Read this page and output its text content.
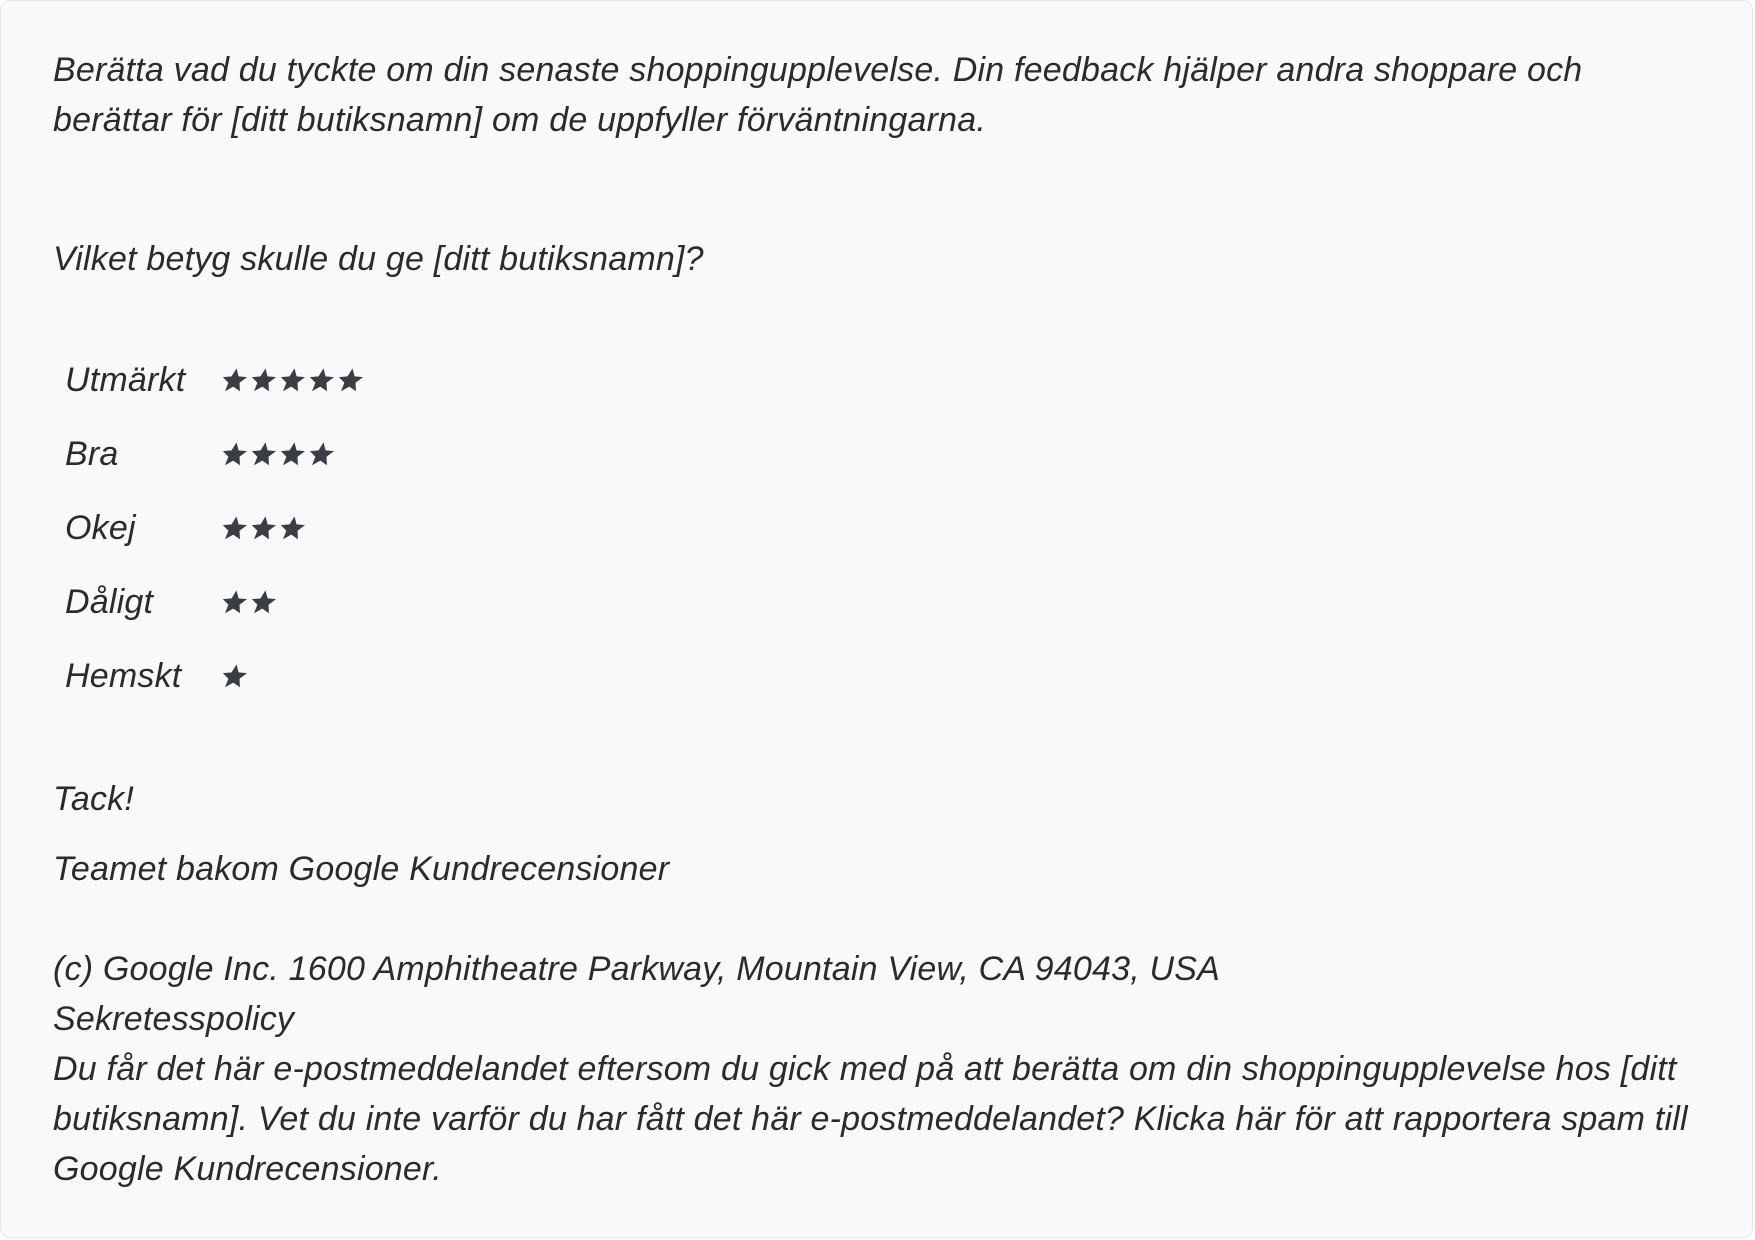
Berätta vad du tyckte om din senaste shoppingupplevelse. Din feedback hjälper andra shoppare och berättar för [ditt butiksnamn] om de uppfyller förväntningarna.

Vilket betyg skulle du ge [ditt butiksnamn]?

Utmärkt
Bra
Okej
Dåligt
Hemskt

Tack!

Teamet bakom Google Kundrecensioner

(c) Google Inc. 1600 Amphitheatre Parkway, Mountain View, CA 94043, USA
Sekretesspolicy
Du får det här e-postmeddelandet eftersom du gick med på att berätta om din shoppingupplevelse hos [ditt butiksnamn]. Vet du inte varför du har fått det här e-postmeddelandet? Klicka här för att rapportera spam till Google Kundrecensioner.
